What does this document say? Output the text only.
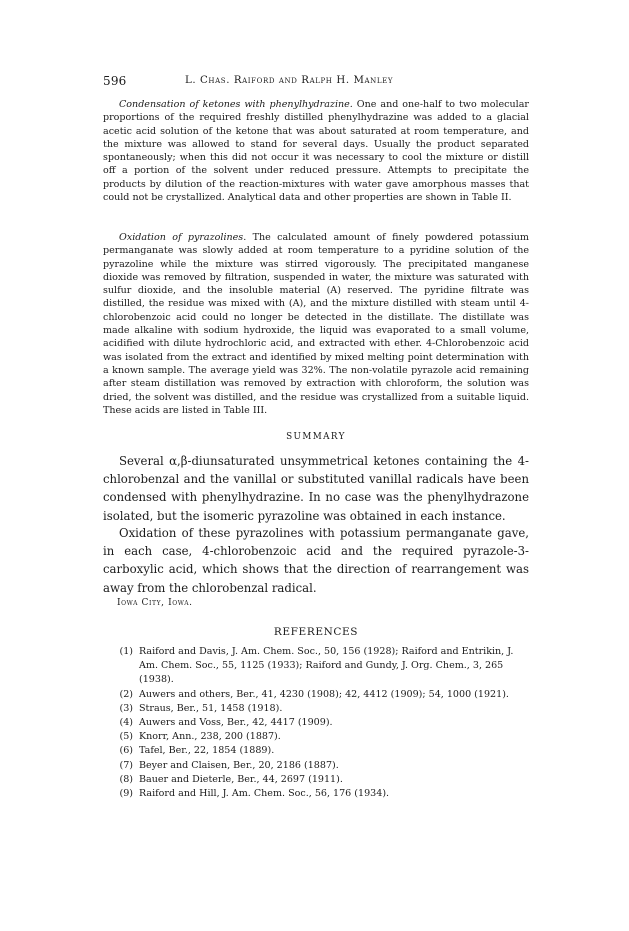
596	L. Chas. Raiford and Ralph H. Manley

Condensation of ketones with phenylhydrazine. One and one-half to two molecular proportions of the required freshly distilled phenylhydrazine was added to a glacial acetic acid solution of the ketone that was about saturated at room temperature, and the mixture was allowed to stand for several days. Usually the product separated spontaneously; when this did not occur it was necessary to cool the mixture or distill off a portion of the solvent under reduced pressure. Attempts to precipitate the products by dilution of the reaction-mixtures with water gave amorphous masses that could not be crystallized. Analytical data and other properties are shown in Table II.

Oxidation of pyrazolines. The calculated amount of finely powdered potassium permanganate was slowly added at room temperature to a pyridine solution of the pyrazoline while the mixture was stirred vigorously. The precipitated manganese dioxide was removed by filtration, suspended in water, the mixture was saturated with sulfur dioxide, and the insoluble material (A) reserved. The pyridine filtrate was distilled, the residue was mixed with (A), and the mixture distilled with steam until 4-chlorobenzoic acid could no longer be detected in the distillate. The distillate was made alkaline with sodium hydroxide, the liquid was evaporated to a small volume, acidified with dilute hydrochloric acid, and extracted with ether. 4-Chlorobenzoic acid was isolated from the extract and identified by mixed melting point determination with a known sample. The average yield was 32%. The non-volatile pyrazole acid remaining after steam distillation was removed by extraction with chloroform, the solution was dried, the solvent was distilled, and the residue was crystallized from a suitable liquid. These acids are listed in Table III.

SUMMARY

Several α,β-diunsaturated unsymmetrical ketones containing the 4-chlorobenzal and the vanillal or substituted vanillal radicals have been condensed with phenylhydrazine. In no case was the phenylhydrazone isolated, but the isomeric pyrazoline was obtained in each instance.

Oxidation of these pyrazolines with potassium permanganate gave, in each case, 4-chlorobenzoic acid and the required pyrazole-3-carboxylic acid, which shows that the direction of rearrangement was away from the chlorobenzal radical.

Iowa City, Iowa.
REFERENCES
(1) Raiford and Davis, J. Am. Chem. Soc., 50, 156 (1928); Raiford and Entrikin, J. Am. Chem. Soc., 55, 1125 (1933); Raiford and Gundy, J. Org. Chem., 3, 265 (1938).
(2) Auwers and others, Ber., 41, 4230 (1908); 42, 4412 (1909); 54, 1000 (1921).
(3) Straus, Ber., 51, 1458 (1918).
(4) Auwers and Voss, Ber., 42, 4417 (1909).
(5) Knorr, Ann., 238, 200 (1887).
(6) Tafel, Ber., 22, 1854 (1889).
(7) Beyer and Claisen, Ber., 20, 2186 (1887).
(8) Bauer and Dieterle, Ber., 44, 2697 (1911).
(9) Raiford and Hill, J. Am. Chem. Soc., 56, 176 (1934).
